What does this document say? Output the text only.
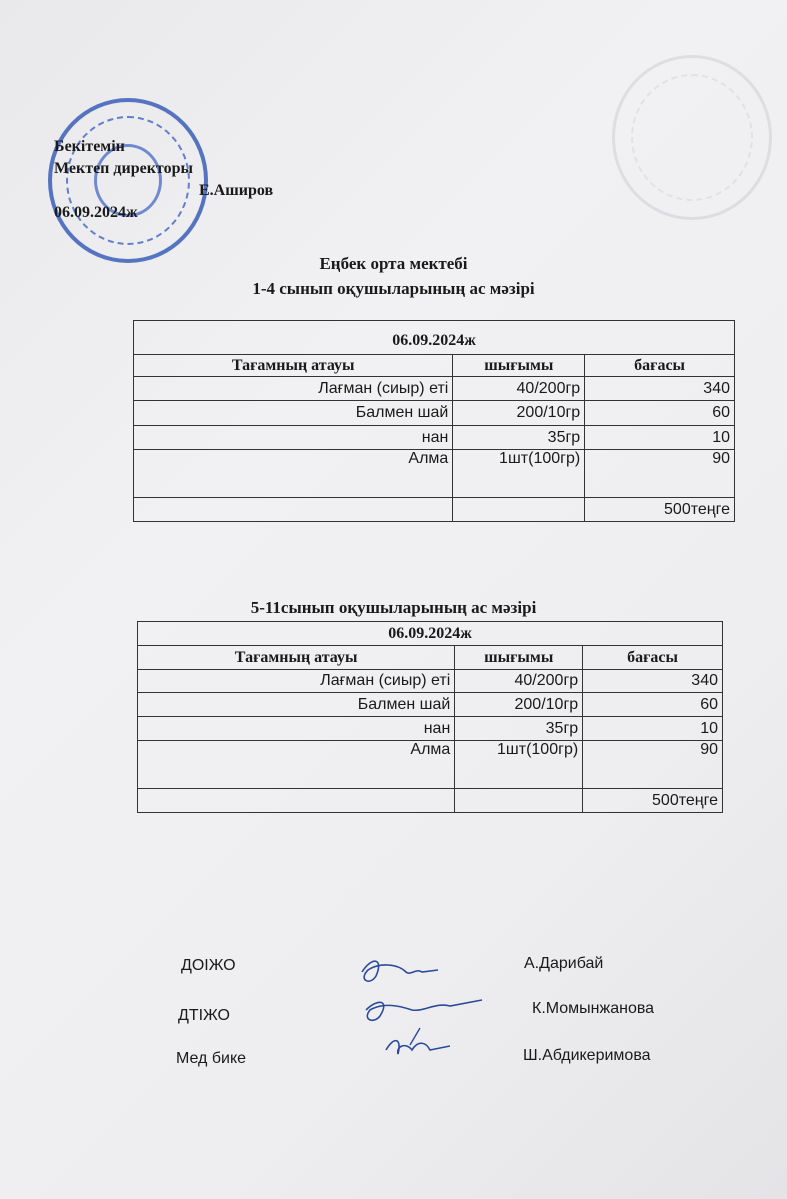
Бекітемін
Мектеп директоры
Е.Аширов
06.09.2024ж
Еңбек орта мектебі
1-4 сынып оқушыларының ас мәзірі

06.09.2024ж		
Тағамның атауы	шығымы	бағасы
Лағман (сиыр) еті	40/200гр	340
Балмен шай	200/10гр	60
нан	35гр	10
Алма	1шт(100гр)	90
		500теңге
5-11сынып оқушыларының ас мәзірі
06.09.2024ж		
Тағамның атауы	шығымы	бағасы
Лағман (сиыр) еті	40/200гр	340
Балмен шай	200/10гр	60
нан	35гр	10
Алма	1шт(100гр)	90
		500теңге
ДОІЖО	А.Дарибай
ДТІЖО	К.Момынжанова
Мед бике	Ш.Абдикеримова
